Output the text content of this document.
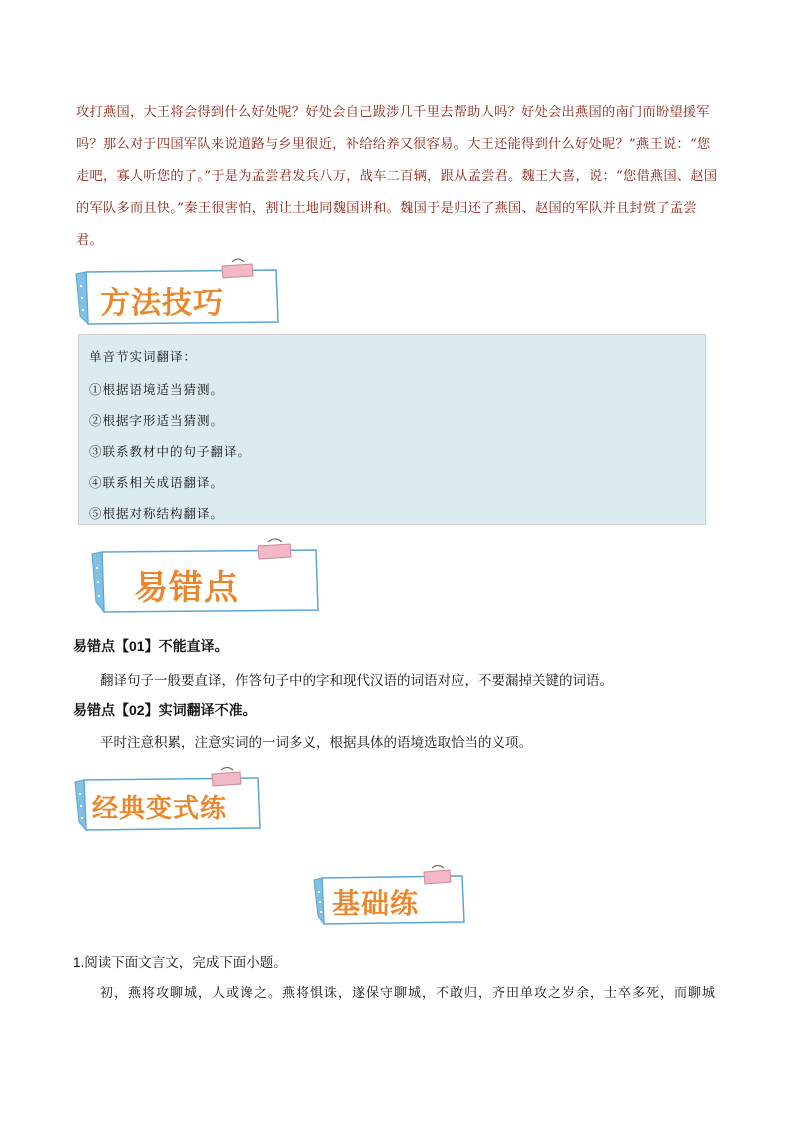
攻打燕国，大王将会得到什么好处呢？好处会自己跋涉几千里去帮助人吗？好处会出燕国的南门而盼望援军吗？那么对于四国军队来说道路与乡里很近，补给给养又很容易。大王还能得到什么好处呢？”燕王说：“您走吧，寡人听您的了。”于是为孟尝君发兵八万，战车二百辆，跟从孟尝君。魏王大喜，说：“您借燕国、赵国的军队多而且快。”秦王很害怕，割让土地同魏国讲和。魏国于是归还了燕国、赵国的军队并且封赏了孟尝君。

方法技巧
单音节实词翻译：
①根据语境适当猜测。
②根据字形适当猜测。
③联系教材中的句子翻译。
④联系相关成语翻译。
⑤根据对称结构翻译。
易错点
易错点【01】不能直译。
翻译句子一般要直译，作答句子中的字和现代汉语的词语对应，不要漏掉关键的词语。
易错点【02】实词翻译不准。
平时注意积累，注意实词的一词多义，根据具体的语境选取恰当的义项。
经典变式练
基础练
1.阅读下面文言文，完成下面小题。
初，燕将攻聊城，人或谗之。燕将惧诛，遂保守聊城，不敢归，齐田单攻之岁余，士卒多死，而聊城
